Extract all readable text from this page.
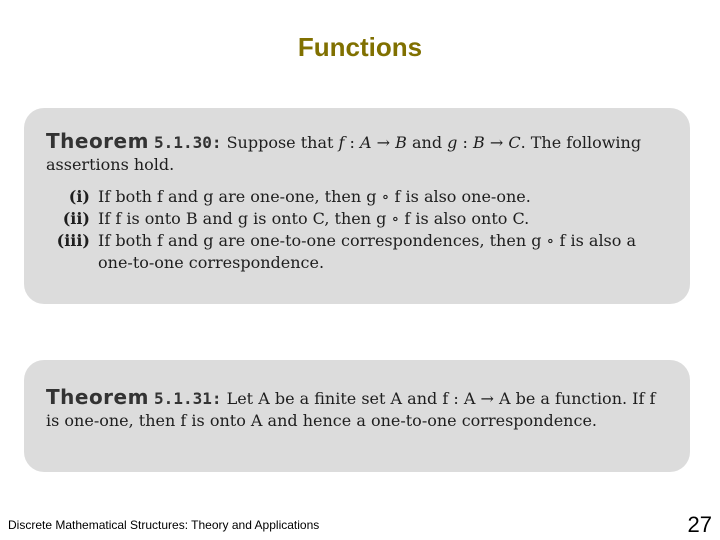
Functions
Theorem 5.1.30: Suppose that f : A → B and g : B → C. The following assertions hold.
(i) If both f and g are one-one, then g ∘ f is also one-one.
(ii) If f is onto B and g is onto C, then g ∘ f is also onto C.
(iii) If both f and g are one-to-one correspondences, then g ∘ f is also a one-to-one correspondence.
Theorem 5.1.31: Let A be a finite set A and f : A → A be a function. If f is one-one, then f is onto A and hence a one-to-one correspondence.
Discrete Mathematical Structures: Theory and Applications	27
